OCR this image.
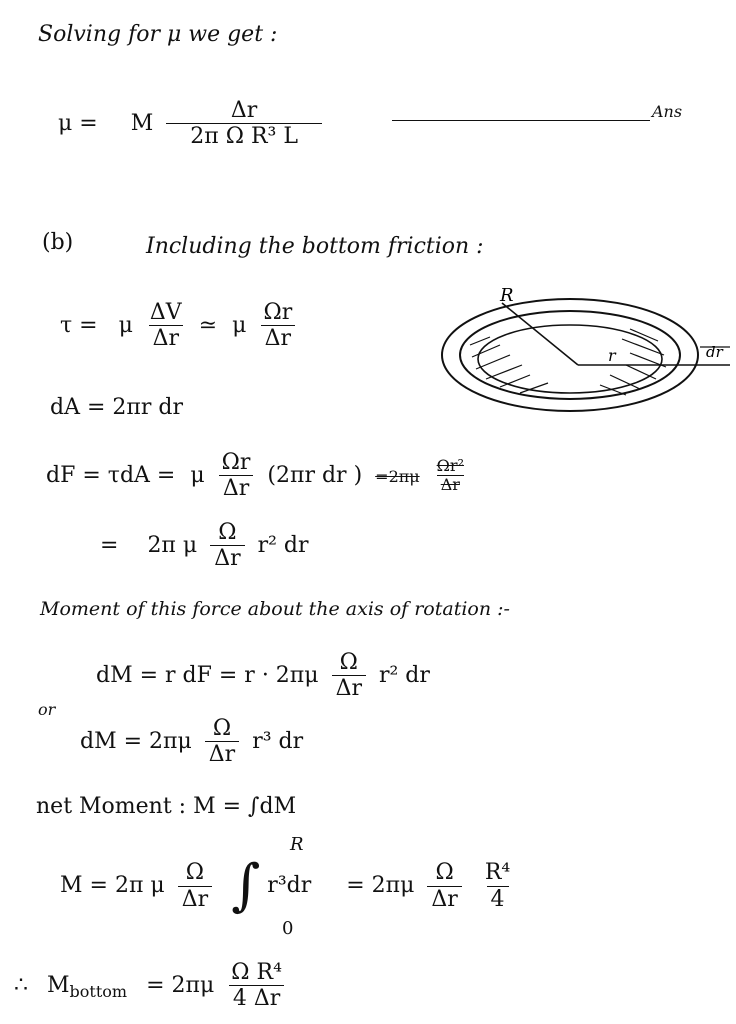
Solving for μ we get :
μ = M $\frac{\Delta r}{\text{2π Ω R³ L}}$	Ans
(b)	Including the bottom friction :
τ = μ $\frac{\Delta V}{\Delta r}$ ≃ μ $\frac{\Omega r}{\Delta r}$
R
r	dr
dA = 2πr dr
dF = τdA = μ $\frac{\Omega r}{\Delta r} (2\pi r$ dr ) $=2\pi\mu \frac{\text{Ωr²}}{\Delta r}$
= 2π μ $\frac{\Omega}{\Delta r} r^2$ dr
Moment of this force about the axis of rotation :-
dM = r dF = $r \cdot 2\pi\mu \frac{\Omega}{\Delta r} r^2$ dr
or
dM = $2\pi\mu \frac{\Omega}{\Delta r} r^3$ dr
net Moment : M = ∫dM
M = 2π μ $\frac{\Omega}{\Delta r}$ ∫ $r^3dr = 2\pi\mu \frac{\Omega}{\Delta r}$
$\frac{\text{R⁴}}{4}$
R
0
∴ $M_{bottom} = 2\pi\mu \frac{\text{Ω R⁴}}{4 \Delta r}$
